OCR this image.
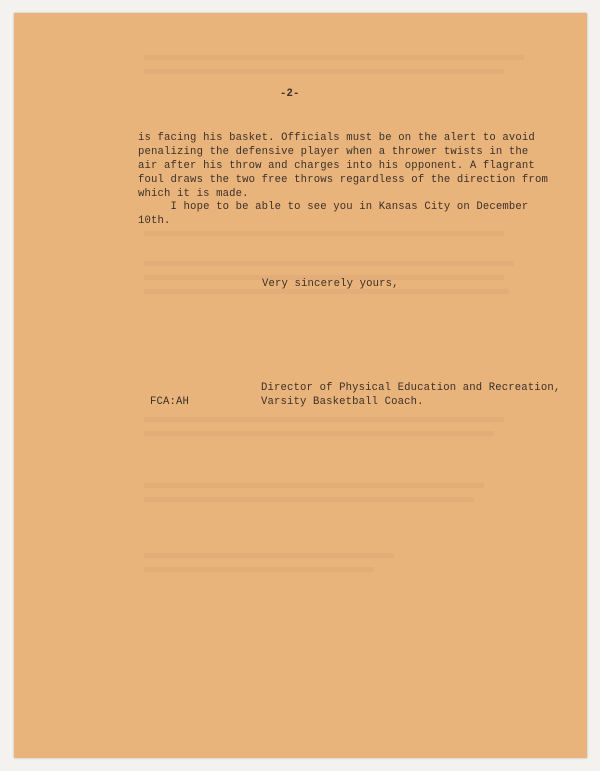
-2-
is facing his basket. Officials must be on the alert to avoid
penalizing the defensive player when a thrower twists in the
air after his throw and charges into his opponent. A flagrant
foul draws the two free throws regardless of the direction from
which it is made.
I hope to be able to see you in Kansas City on December
10th.
Very sincerely yours,
Director of Physical Education and Recreation,
Varsity Basketball Coach.
FCA:AH
